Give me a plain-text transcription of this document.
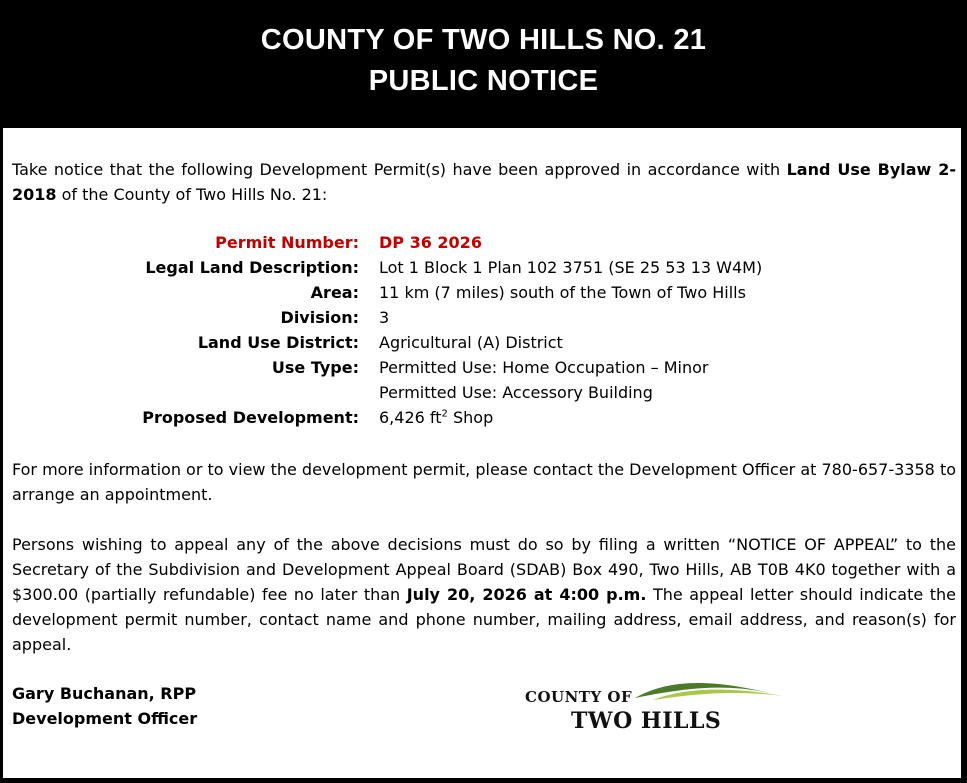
COUNTY OF TWO HILLS NO. 21
PUBLIC NOTICE
Take notice that the following Development Permit(s) have been approved in accordance with Land Use Bylaw 2-2018 of the County of Two Hills No. 21:
Permit Number: DP 36 2026
Legal Land Description: Lot 1 Block 1 Plan 102 3751 (SE 25 53 13 W4M)
Area: 11 km (7 miles) south of the Town of Two Hills
Division: 3
Land Use District: Agricultural (A) District
Use Type: Permitted Use: Home Occupation – Minor
Permitted Use: Accessory Building
Proposed Development: 6,426 $ft^2$ Shop
For more information or to view the development permit, please contact the Development Officer at 780-657-3358 to arrange an appointment.
Persons wishing to appeal any of the above decisions must do so by filing a written “NOTICE OF APPEAL” to the Secretary of the Subdivision and Development Appeal Board (SDAB) Box 490, Two Hills, AB T0B 4K0 together with a $300.00 (partially refundable) fee no later than July 20, 2026 at 4:00 p.m. The appeal letter should indicate the development permit number, contact name and phone number, mailing address, email address, and reason(s) for appeal.
Gary Buchanan, RPP
Development Officer
COUNTY OF
TWO HILLS
